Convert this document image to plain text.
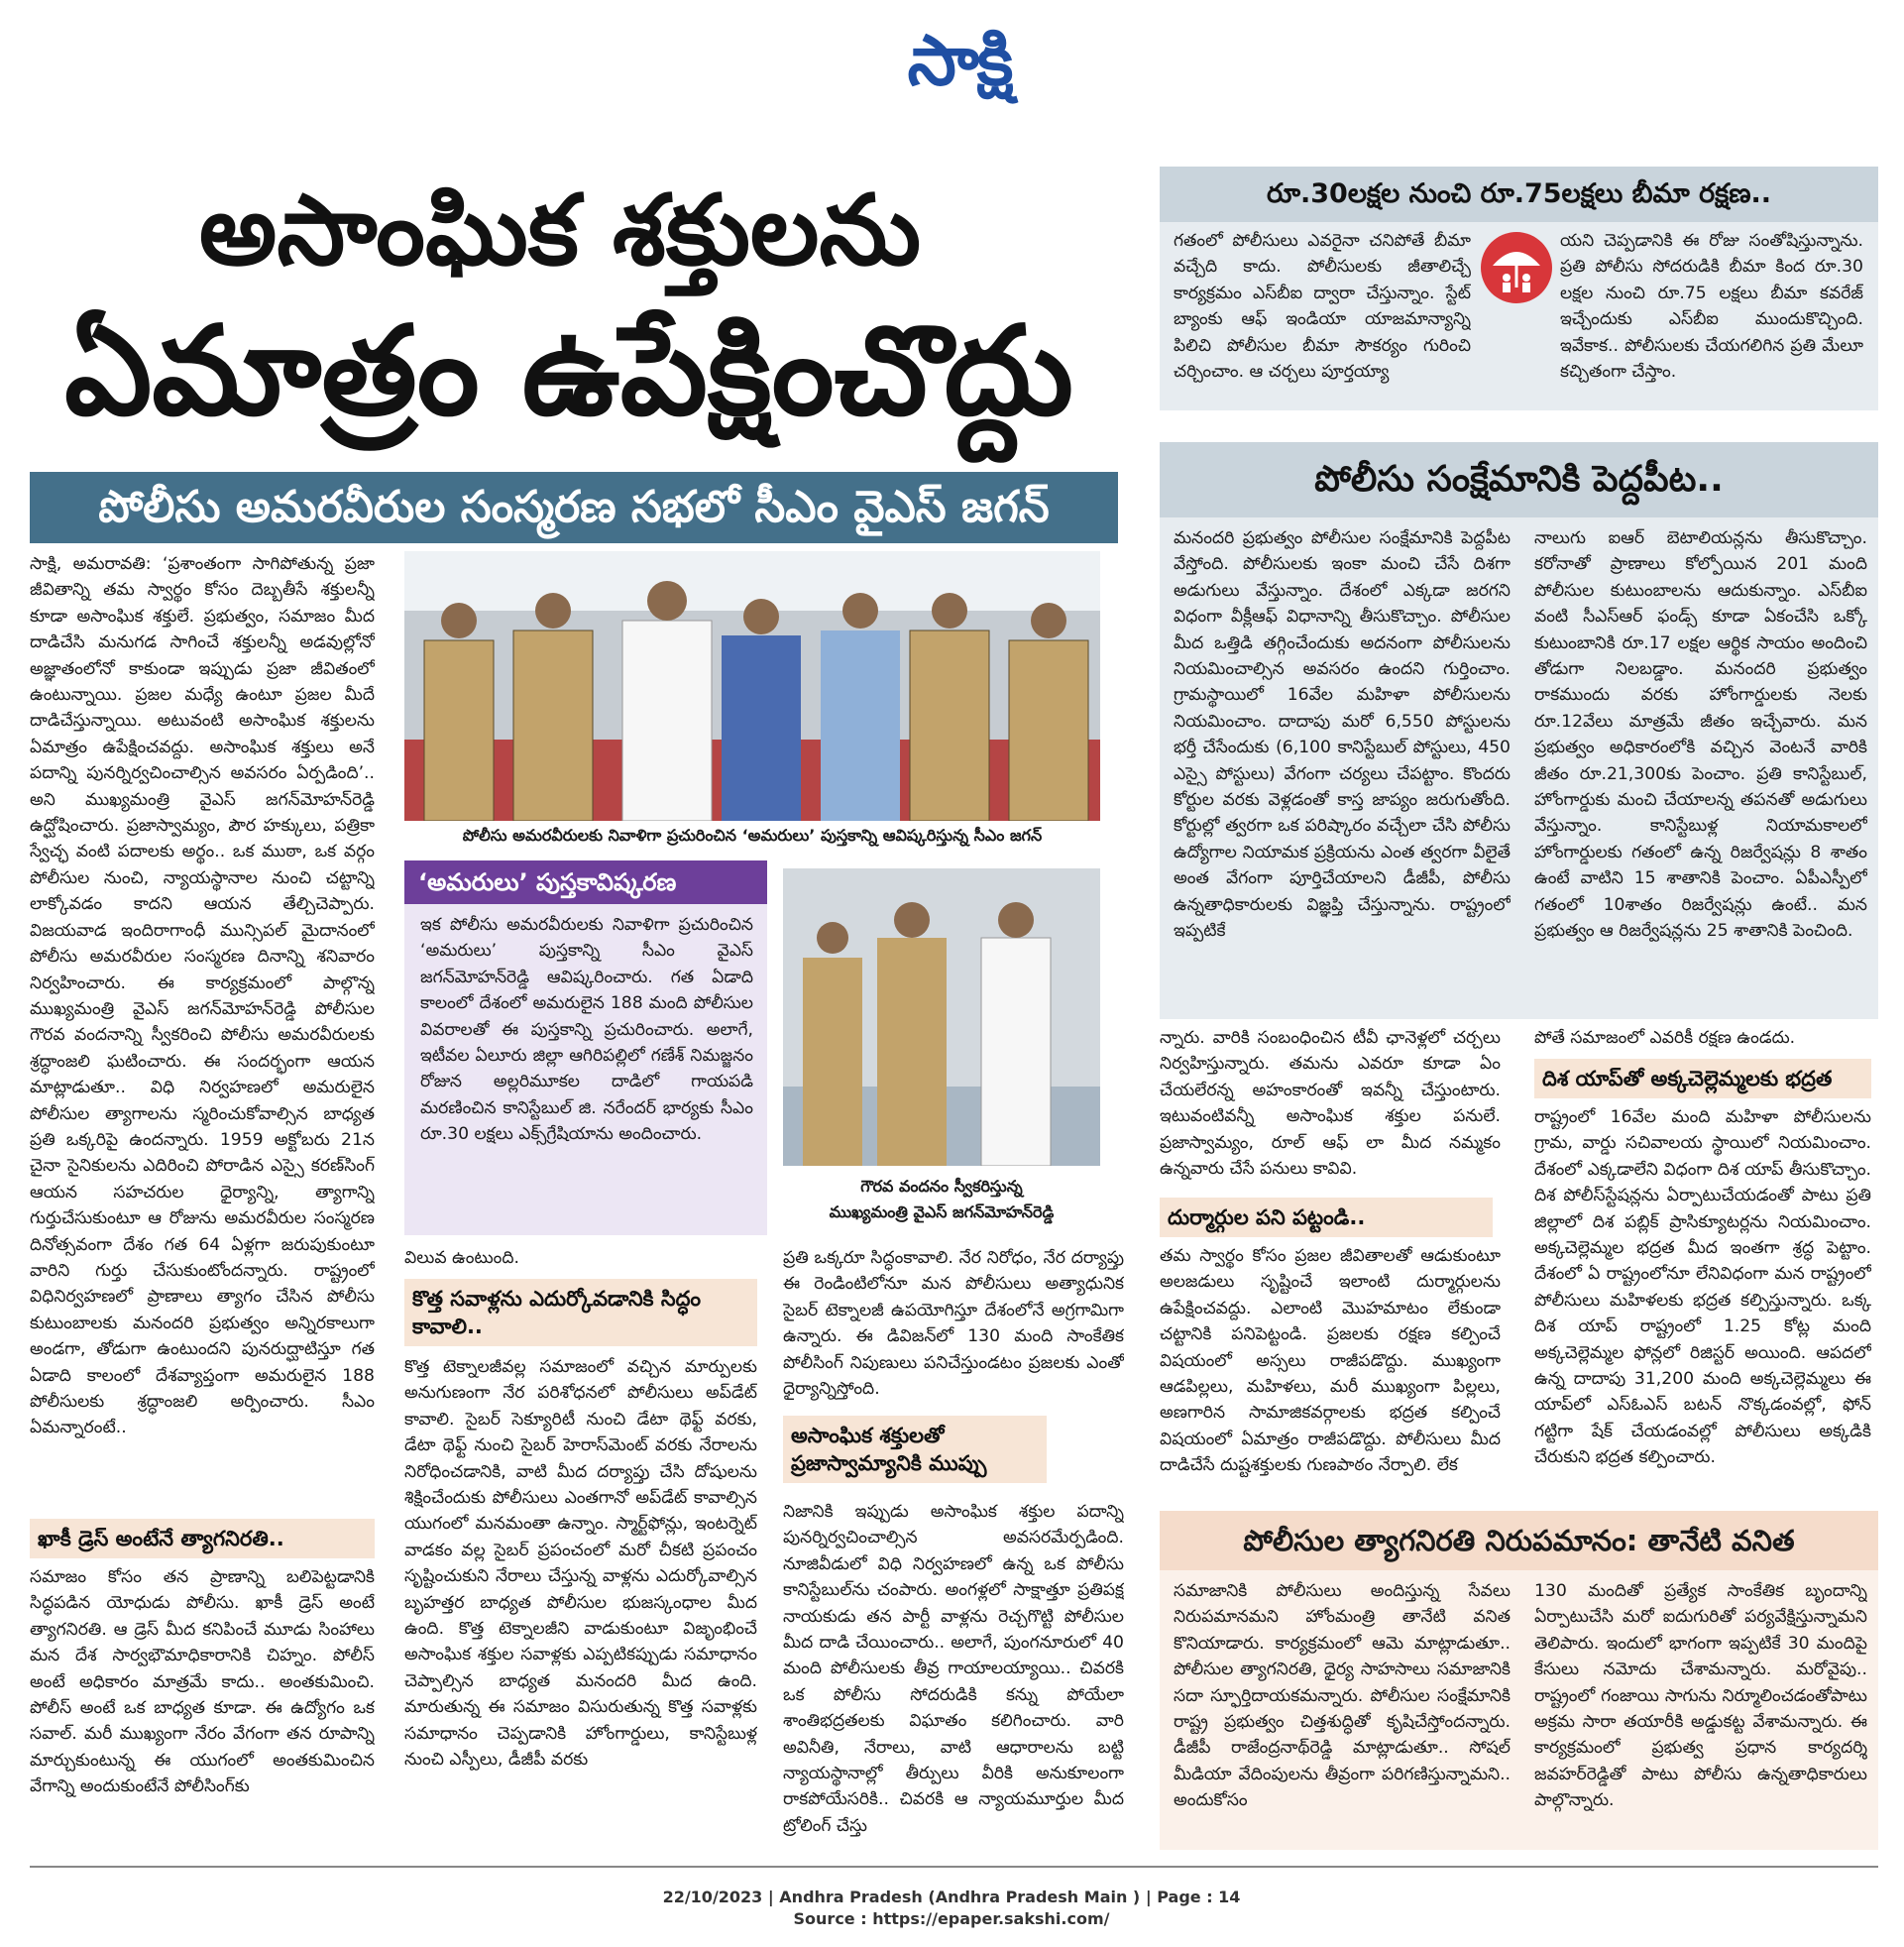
సాక్షి
అసాంఘిక శక్తులను
ఏమాత్రం ఉపేక్షించొద్దు
పోలీసు అమరవీరుల సంస్మరణ సభలో సీఎం వైఎస్‌ జగన్‌
సాక్షి, అమరావతి: ‘ప్రశాంతంగా సాగిపోతున్న ప్రజా జీవితాన్ని తమ స్వార్థం కోసం దెబ్బతీసే శక్తులన్నీ కూడా అసాంఘిక శక్తులే. ప్రభుత్వం, సమాజం మీద దాడిచేసి మనుగడ సాగించే శక్తులన్నీ అడవుల్లోనో అజ్ఞాతంలోనో కాకుండా ఇప్పుడు ప్రజా జీవితంలో ఉంటున్నాయి. ప్రజల మధ్యే ఉంటూ ప్రజల మీదే దాడిచేస్తున్నాయి. అటువంటి అసాంఘిక శక్తులను ఏమాత్రం ఉపేక్షించవద్దు. అసాంఘిక శక్తులు అనే పదాన్ని పునర్నిర్వచించాల్సిన అవసరం ఏర్పడింది’.. అని ముఖ్యమంత్రి వైఎస్‌ జగన్‌మోహన్‌రెడ్డి ఉద్ఘోషించారు. ప్రజాస్వామ్యం, పౌర హక్కులు, పత్రికా స్వేచ్ఛ వంటి పదాలకు అర్థం.. ఒక ముఠా, ఒక వర్గం పోలీసుల నుంచి, న్యాయస్థానాల నుంచి చట్టాన్ని లాక్కోవడం కాదని ఆయన తేల్చిచెప్పారు. విజయవాడ ఇందిరాగాంధీ మున్సిపల్‌ మైదానంలో పోలీసు అమరవీరుల సంస్మరణ దినాన్ని శనివారం నిర్వహించారు. ఈ కార్యక్రమంలో పాల్గొన్న ముఖ్యమంత్రి వైఎస్‌ జగన్‌మోహన్‌రెడ్డి పోలీసుల గౌరవ వందనాన్ని స్వీకరించి పోలీసు అమరవీరులకు శ్రద్ధాంజలి ఘటించారు. ఈ సందర్భంగా ఆయన మాట్లాడుతూ.. విధి నిర్వహణలో అమరులైన పోలీసుల త్యాగాలను స్మరించుకోవాల్సిన బాధ్యత ప్రతి ఒక్కరిపై ఉందన్నారు. 1959 అక్టోబరు 21న చైనా సైనికులను ఎదిరించి పోరాడిన ఎస్సై కరణ్‌సింగ్‌ ఆయన సహచరుల ధైర్యాన్ని, త్యాగాన్ని గుర్తుచేసుకుంటూ ఆ రోజును అమరవీరుల సంస్మరణ దినోత్సవంగా దేశం గత 64 ఏళ్లగా జరుపుకుంటూ వారిని గుర్తు చేసుకుంటోందన్నారు. రాష్ట్రంలో విధినిర్వహణలో ప్రాణాలు త్యాగం చేసిన పోలీసు కుటుంబాలకు మనందరి ప్రభుత్వం అన్నిరకాలుగా అండగా, తోడుగా ఉంటుందని పునరుద్ఘాటిస్తూ గత ఏడాది కాలంలో దేశవ్యాప్తంగా అమరులైన 188 పోలీసులకు శ్రద్ధాంజలి అర్పించారు. సీఎం ఏమన్నారంటే..
ఖాకీ డ్రెస్‌ అంటేనే త్యాగనిరతి..
సమాజం కోసం తన ప్రాణాన్ని బలిపెట్టడానికి సిద్ధపడిన యోధుడు పోలీసు. ఖాకీ డ్రెస్‌ అంటే త్యాగనిరతి. ఆ డ్రెస్‌ మీద కనిపించే మూడు సింహాలు మన దేశ సార్వభౌమాధికారానికి చిహ్నం. పోలీస్‌ అంటే అధికారం మాత్రమే కాదు.. అంతకుమించి. పోలీస్‌ అంటే ఒక బాధ్యత కూడా. ఈ ఉద్యోగం ఒక సవాల్‌. మరీ ముఖ్యంగా నేరం వేగంగా తన రూపాన్ని మార్చుకుంటున్న ఈ యుగంలో అంతకుమించిన వేగాన్ని అందుకుంటేనే పోలీసింగ్‌కు
పోలీసు అమరవీరులకు నివాళిగా ప్రచురించిన ‘అమరులు’ పుస్తకాన్ని ఆవిష్కరిస్తున్న సీఎం జగన్‌
‘అమరులు’ పుస్తకావిష్కరణ
ఇక పోలీసు అమరవీరులకు నివాళిగా ప్రచురించిన ‘అమరులు’ పుస్తకాన్ని సీఎం వైఎస్‌ జగన్‌మోహన్‌రెడ్డి ఆవిష్కరించారు. గత ఏడాది కాలంలో దేశంలో అమరులైన 188 మంది పోలీసుల వివరాలతో ఈ పుస్తకాన్ని ప్రచురించారు. అలాగే, ఇటీవల ఏలూరు జిల్లా ఆగిరిపల్లిలో గణేశ్‌ నిమజ్జనం రోజున అల్లరిమూకల దాడిలో గాయపడి మరణించిన కానిస్టేబుల్‌ జి. నరేందర్‌ భార్యకు సీఎం రూ.30 లక్షలు ఎక్స్‌గ్రేషియాను అందించారు.
గౌరవ వందనం స్వీకరిస్తున్న
ముఖ్యమంత్రి వైఎస్‌ జగన్‌మోహన్‌రెడ్డి
విలువ ఉంటుంది.
కొత్త సవాళ్లను ఎదుర్కోవడానికి సిద్ధం కావాలి..
కొత్త టెక్నాలజీవల్ల సమాజంలో వచ్చిన మార్పులకు అనుగుణంగా నేర పరిశోధనలో పోలీసులు అప్‌డేట్‌ కావాలి. సైబర్‌ సెక్యూరిటీ నుంచి డేటా థెఫ్ట్‌ వరకు, డేటా థెఫ్ట్‌ నుంచి సైబర్‌ హెరాస్‌మెంట్‌ వరకు నేరాలను నిరోధించడానికి, వాటి మీద దర్యాప్తు చేసి దోషులను శిక్షించేందుకు పోలీసులు ఎంతగానో అప్‌డేట్‌ కావాల్సిన యుగంలో మనమంతా ఉన్నాం. స్మార్ట్‌ఫోన్లు, ఇంటర్నెట్‌ వాడకం వల్ల సైబర్‌ ప్రపంచంలో మరో చీకటి ప్రపంచం సృష్టించుకుని నేరాలు చేస్తున్న వాళ్లను ఎదుర్కోవాల్సిన బృహత్తర బాధ్యత పోలీసుల భుజస్కంధాల మీద ఉంది. కొత్త టెక్నాలజీని వాడుకుంటూ విజృంభించే అసాంఘిక శక్తుల సవాళ్లకు ఎప్పటికప్పుడు సమాధానం చెప్పాల్సిన బాధ్యత మనందరి మీద ఉంది. మారుతున్న ఈ సమాజం విసురుతున్న కొత్త సవాళ్లకు సమాధానం చెప్పడానికి హోంగార్డులు, కానిస్టేబుళ్ల నుంచి ఎస్పీలు, డీజీపీ వరకు
ప్రతి ఒక్కరూ సిద్ధంకావాలి. నేర నిరోధం, నేర దర్యాప్తు ఈ రెండింటిలోనూ మన పోలీసులు అత్యాధునిక సైబర్‌ టెక్నాలజీ ఉపయోగిస్తూ దేశంలోనే అగ్రగామిగా ఉన్నారు. ఈ డివిజన్‌లో 130 మంది సాంకేతిక పోలీసింగ్‌ నిపుణులు పనిచేస్తుండటం ప్రజలకు ఎంతో ధైర్యాన్నిస్తోంది.
అసాంఘిక శక్తులతో ప్రజాస్వామ్యానికి ముప్పు
నిజానికి ఇప్పుడు అసాంఘిక శక్తుల పదాన్ని పునర్నిర్వచించాల్సిన అవసరమేర్పడింది. నూజివీడులో విధి నిర్వహణలో ఉన్న ఒక పోలీసు కానిస్టేబుల్‌ను చంపారు. అంగళ్లలో సాక్షాత్తూ ప్రతిపక్ష నాయకుడు తన పార్టీ వాళ్లను రెచ్చగొట్టి పోలీసుల మీద దాడి చేయించారు.. అలాగే, పుంగనూరులో 40 మంది పోలీసులకు తీవ్ర గాయాలయ్యాయి.. చివరకి ఒక పోలీసు సోదరుడికి కన్ను పోయేలా శాంతిభద్రతలకు విఘాతం కలిగించారు. వారి అవినీతి, నేరాలు, వాటి ఆధారాలను బట్టి న్యాయస్థానాల్లో తీర్పులు వీరికి అనుకూలంగా రాకపోయేసరికి.. చివరకి ఆ న్యాయమూర్తుల మీద ట్రోలింగ్‌ చేస్తు
రూ.30లక్షల నుంచి రూ.75లక్షలు బీమా రక్షణ..
గతంలో పోలీసులు ఎవరైనా చనిపోతే బీమా వచ్చేది కాదు. పోలీసులకు జీతాలిచ్చే కార్యక్రమం ఎస్‌బీఐ ద్వారా చేస్తున్నాం. స్టేట్‌ బ్యాంకు ఆఫ్‌ ఇండియా యాజమాన్యాన్ని పిలిచి పోలీసుల బీమా సౌకర్యం గురించి చర్చించాం. ఆ చర్చలు పూర్తయ్యా
యని చెప్పడానికి ఈ రోజు సంతోషిస్తున్నాను. ప్రతి పోలీసు సోదరుడికి బీమా కింద రూ.30 లక్షల నుంచి రూ.75 లక్షలు బీమా కవరేజ్‌ ఇచ్చేందుకు ఎస్‌బీఐ ముందుకొచ్చింది. ఇవేకాక.. పోలీసులకు చేయగలిగిన ప్రతి మేలూ కచ్చితంగా చేస్తాం.
పోలీసు సంక్షేమానికి పెద్దపీట..
మనందరి ప్రభుత్వం పోలీసుల సంక్షేమానికి పెద్దపీట వేస్తోంది. పోలీసులకు ఇంకా మంచి చేసే దిశగా అడుగులు వేస్తున్నాం. దేశంలో ఎక్కడా జరగని విధంగా వీక్లీఆఫ్‌ విధానాన్ని తీసుకొచ్చాం. పోలీసుల మీద ఒత్తిడి తగ్గించేందుకు అదనంగా పోలీసులను నియమించాల్సిన అవసరం ఉందని గుర్తించాం. గ్రామస్థాయిలో 16వేల మహిళా పోలీసులను నియమించాం. దాదాపు మరో 6,550 పోస్టులను భర్తీ చేసేందుకు (6,100 కానిస్టేబుల్‌ పోస్టులు, 450 ఎస్సై పోస్టులు) వేగంగా చర్యలు చేపట్టాం. కొందరు కోర్టుల వరకు వెళ్లడంతో కాస్త జాప్యం జరుగుతోంది. కోర్టుల్లో త్వరగా ఒక పరిష్కారం వచ్చేలా చేసి పోలీసు ఉద్యోగాల నియామక ప్రక్రియను ఎంత త్వరగా వీలైతే అంత వేగంగా పూర్తిచేయాలని డీజీపీ, పోలీసు ఉన్నతాధికారులకు విజ్ఞప్తి చేస్తున్నాను. రాష్ట్రంలో ఇప్పటికే
నాలుగు ఐఆర్‌ బెటాలియన్లను తీసుకొచ్చాం. కరోనాతో ప్రాణాలు కోల్పోయిన 201 మంది పోలీసుల కుటుంబాలను ఆదుకున్నాం. ఎస్‌బీఐ వంటి సీఎస్‌ఆర్‌ ఫండ్స్‌ కూడా ఏకంచేసి ఒక్కో కుటుంబానికి రూ.17 లక్షల ఆర్థిక సాయం అందించి తోడుగా నిలబడ్డాం. మనందరి ప్రభుత్వం రాకముందు వరకు హోంగార్డులకు నెలకు రూ.12వేలు మాత్రమే జీతం ఇచ్చేవారు. మన ప్రభుత్వం అధికారంలోకి వచ్చిన వెంటనే వారికి జీతం రూ.21,300కు పెంచాం. ప్రతి కానిస్టేబుల్‌, హోంగార్డుకు మంచి చేయాలన్న తపనతో అడుగులు వేస్తున్నాం. కానిస్టేబుళ్ల నియామకాలలో హోంగార్డులకు గతంలో ఉన్న రిజర్వేషన్లు 8 శాతం ఉంటే వాటిని 15 శాతానికి పెంచాం. ఏపీఎస్పీలో గతంలో 10శాతం రిజర్వేషన్లు ఉంటే.. మన ప్రభుత్వం ఆ రిజర్వేషన్లను 25 శాతానికి పెంచింది.
న్నారు. వారికి సంబంధించిన టీవీ ఛానెళ్లలో చర్చలు నిర్వహిస్తున్నారు. తమను ఎవరూ కూడా ఏం చేయలేరన్న అహంకారంతో ఇవన్నీ చేస్తుంటారు. ఇటువంటివన్నీ అసాంఘిక శక్తుల పనులే. ప్రజాస్వామ్యం, రూల్‌ ఆఫ్‌ లా మీద నమ్మకం ఉన్నవారు చేసే పనులు కావివి.
దుర్మార్గుల పని పట్టండి..
తమ స్వార్థం కోసం ప్రజల జీవితాలతో ఆడుకుంటూ అలజడులు సృష్టించే ఇలాంటి దుర్మార్గులను ఉపేక్షించవద్దు. ఎలాంటి మొహమాటం లేకుండా చట్టానికి పనిపెట్టండి. ప్రజలకు రక్షణ కల్పించే విషయంలో అస్సలు రాజీపడొద్దు. ముఖ్యంగా ఆడపిల్లలు, మహిళలు, మరీ ముఖ్యంగా పిల్లలు, అణగారిన సామాజికవర్గాలకు భద్రత కల్పించే విషయంలో ఏమాత్రం రాజీపడొద్దు. పోలీసులు మీద దాడిచేసే దుష్టశక్తులకు గుణపాఠం నేర్పాలి. లేక
పోతే సమాజంలో ఎవరికీ రక్షణ ఉండదు.
దిశ యాప్‌తో అక్కచెల్లెమ్మలకు భద్రత
రాష్ట్రంలో 16వేల మంది మహిళా పోలీసులను గ్రామ, వార్డు సచివాలయ స్థాయిలో నియమించాం. దేశంలో ఎక్కడాలేని విధంగా దిశ యాప్‌ తీసుకొచ్చాం. దిశ పోలీస్‌స్టేషన్లను ఏర్పాటుచేయడంతో పాటు ప్రతి జిల్లాలో దిశ పబ్లిక్‌ ప్రాసిక్యూటర్లను నియమించాం. అక్కచెల్లెమ్మల భద్రత మీద ఇంతగా శ్రద్ధ పెట్టాం. దేశంలో ఏ రాష్ట్రంలోనూ లేనివిధంగా మన రాష్ట్రంలో పోలీసులు మహిళలకు భద్రత కల్పిస్తున్నారు. ఒక్క దిశ యాప్‌ రాష్ట్రంలో 1.25 కోట్ల మంది అక్కచెల్లెమ్మల ఫోన్లలో రిజిస్టర్‌ అయింది. ఆపదలో ఉన్న దాదాపు 31,200 మంది అక్కచెల్లెమ్మలు ఈ యాప్‌లో ఎస్‌ఓఎస్‌ బటన్‌ నొక్కడంవల్లో, ఫోన్‌ గట్టిగా షేక్‌ చేయడంవల్లో పోలీసులు అక్కడికి చేరుకుని భద్రత కల్పించారు.
పోలీసుల త్యాగనిరతి నిరుపమానం: తానేటి వనిత
సమాజానికి పోలీసులు అందిస్తున్న సేవలు నిరుపమానమని హోంమంత్రి తానేటి వనిత కొనియాడారు. కార్యక్రమంలో ఆమె మాట్లాడుతూ.. పోలీసుల త్యాగనిరతి, ధైర్య సాహసాలు సమాజానికి సదా స్ఫూర్తిదాయకమన్నారు. పోలీసుల సంక్షేమానికి రాష్ట్ర ప్రభుత్వం చిత్తశుద్ధితో కృషిచేస్తోందన్నారు. డీజీపీ రాజేంద్రనాథ్‌రెడ్డి మాట్లాడుతూ.. సోషల్‌ మీడియా వేదింపులను తీవ్రంగా పరిగణిస్తున్నామని.. అందుకోసం
130 మందితో ప్రత్యేక సాంకేతిక బృందాన్ని ఏర్పాటుచేసి మరో ఐదుగురితో పర్యవేక్షిస్తున్నామని తెలిపారు. ఇందులో భాగంగా ఇప్పటికే 30 మందిపై కేసులు నమోదు చేశామన్నారు. మరోవైపు.. రాష్ట్రంలో గంజాయి సాగును నిర్మూలించడంతోపాటు అక్రమ సారా తయారీకి అడ్డుకట్ట వేశామన్నారు. ఈ కార్యక్రమంలో ప్రభుత్వ ప్రధాన కార్యదర్శి జవహర్‌రెడ్డితో పాటు పోలీసు ఉన్నతాధికారులు పాల్గొన్నారు.
22/10/2023 | Andhra Pradesh (Andhra Pradesh Main ) | Page : 14
Source : https://epaper.sakshi.com/
